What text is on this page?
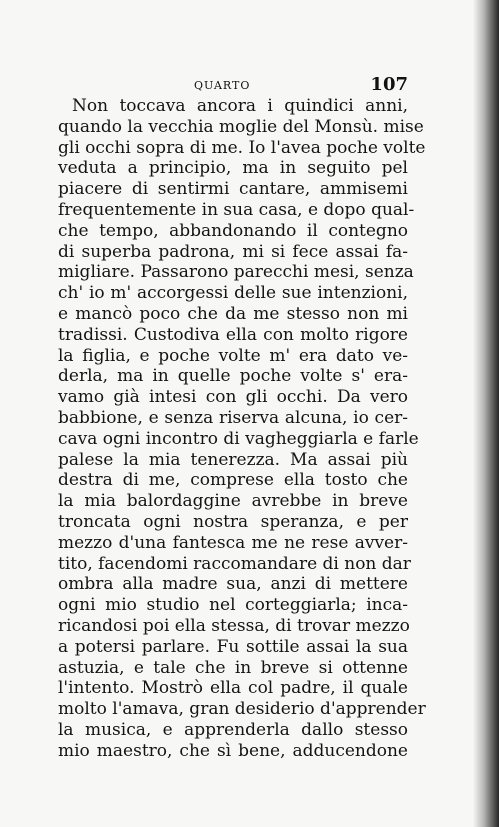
QUARTO	107
Non toccava ancora i quindici anni,
quando la vecchia moglie del Monsù. mise
gli occhi sopra di me. Io l'avea poche volte
veduta a principio, ma in seguito pel
piacere di sentirmi cantare, ammisemi
frequentemente in sua casa, e dopo qual-
che tempo, abbandonando il contegno
di superba padrona, mi si fece assai fa-
migliare. Passarono parecchi mesi, senza
ch' io m' accorgessi delle sue intenzioni,
e mancò poco che da me stesso non mi
tradissi. Custodiva ella con molto rigore
la figlia, e poche volte m' era dato ve-
derla, ma in quelle poche volte s' era-
vamo già intesi con gli occhi. Da vero
babbione, e senza riserva alcuna, io cer-
cava ogni incontro di vagheggiarla e farle
palese la mia tenerezza. Ma assai più
destra di me, comprese ella tosto che
la mia balordaggine avrebbe in breve
troncata ogni nostra speranza, e per
mezzo d'una fantesca me ne rese avver-
tito, facendomi raccomandare di non dar
ombra alla madre sua, anzi di mettere
ogni mio studio nel corteggiarla; inca-
ricandosi poi ella stessa, di trovar mezzo
a potersi parlare. Fu sottile assai la sua
astuzia, e tale che in breve si ottenne
l'intento. Mostrò ella col padre, il quale
molto l'amava, gran desiderio d'apprender
la musica, e apprenderla dallo stesso
mio maestro, che sì bene, adducendone
